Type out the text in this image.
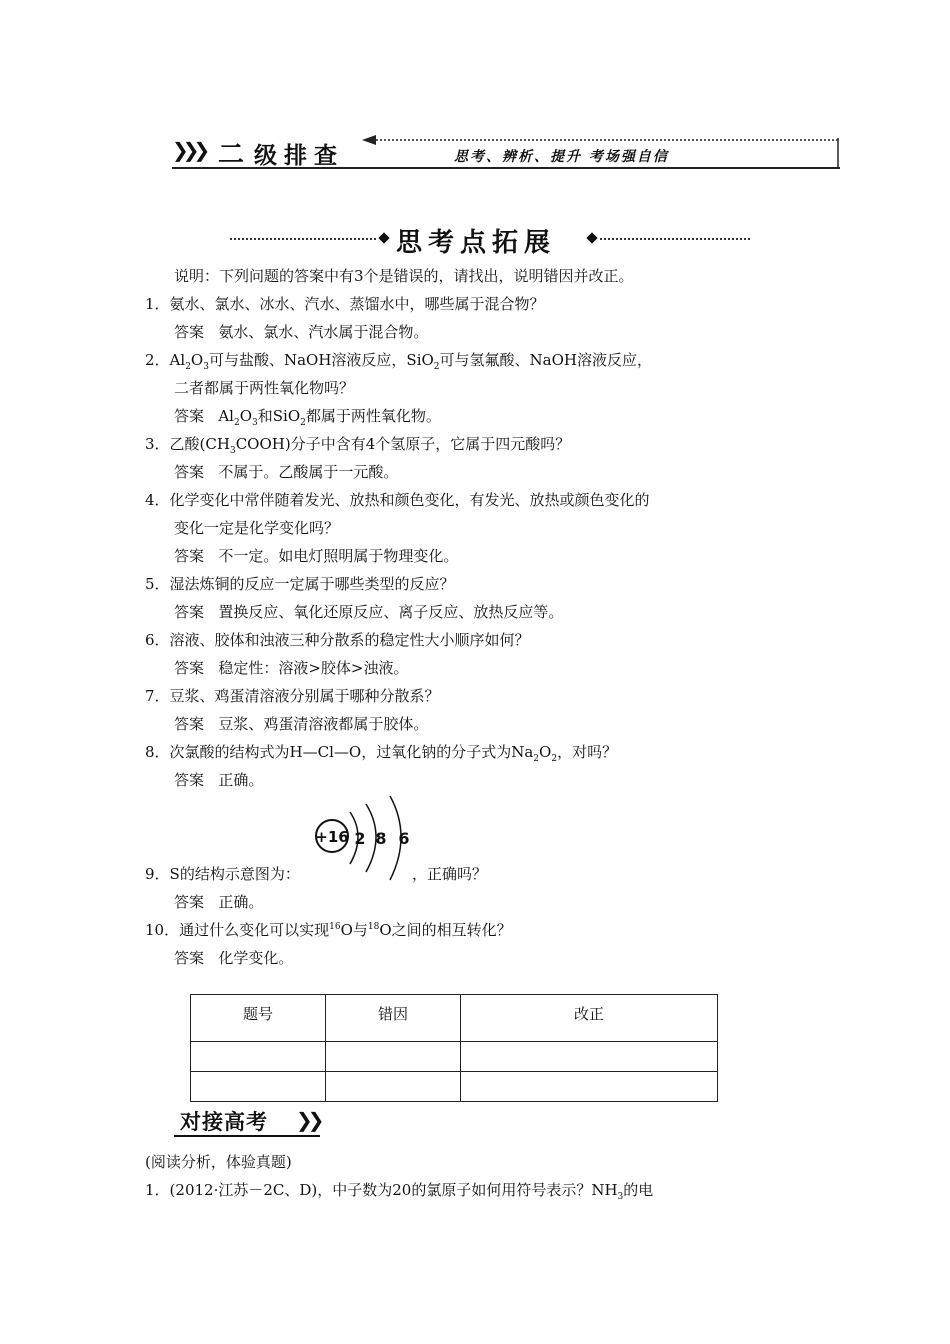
❯❯❯ 二级排查	思考、辨析、提升 考场强自信
思考点拓展
说明：下列问题的答案中有3个是错误的，请找出，说明错因并改正。
1．氨水、氯水、冰水、汽水、蒸馏水中，哪些属于混合物？
答案 氨水、氯水、汽水属于混合物。
2．$Al_2O_3$可与盐酸、NaOH溶液反应，SiO$_2$可与氢氟酸、NaOH溶液反应，
二者都属于两性氧化物吗？
答案 $Al_2O_3$和SiO$_2$都属于两性氧化物。
3．乙酸$(CH_3COOH)$分子中含有4个氢原子，它属于四元酸吗？
答案 不属于。乙酸属于一元酸。
4．化学变化中常伴随着发光、放热和颜色变化，有发光、放热或颜色变化的
变化一定是化学变化吗？
答案 不一定。如电灯照明属于物理变化。
5．湿法炼铜的反应一定属于哪些类型的反应？
答案 置换反应、氧化还原反应、离子反应、放热反应等。
6．溶液、胶体和浊液三种分散系的稳定性大小顺序如何？
答案 稳定性：溶液>胶体>浊液。
7．豆浆、鸡蛋清溶液分别属于哪种分散系？
答案 豆浆、鸡蛋清溶液都属于胶体。
8．次氯酸的结构式为H—Cl—O，过氧化钠的分子式为$Na_2O_2$，对吗？
答案 正确。
+16 2 8 6
9．S的结构示意图为：	，正确吗？
答案 正确。
10．通过什么变化可以实现$^{16}$O与$^{18}$O之间的相互转化？
答案 化学变化。
题号	错因	改正

对接高考 ❯❯
(阅读分析，体验真题)
1．(2012·江苏－2C、D)，中子数为20的氯原子如何用符号表示？$NH_3$的电
